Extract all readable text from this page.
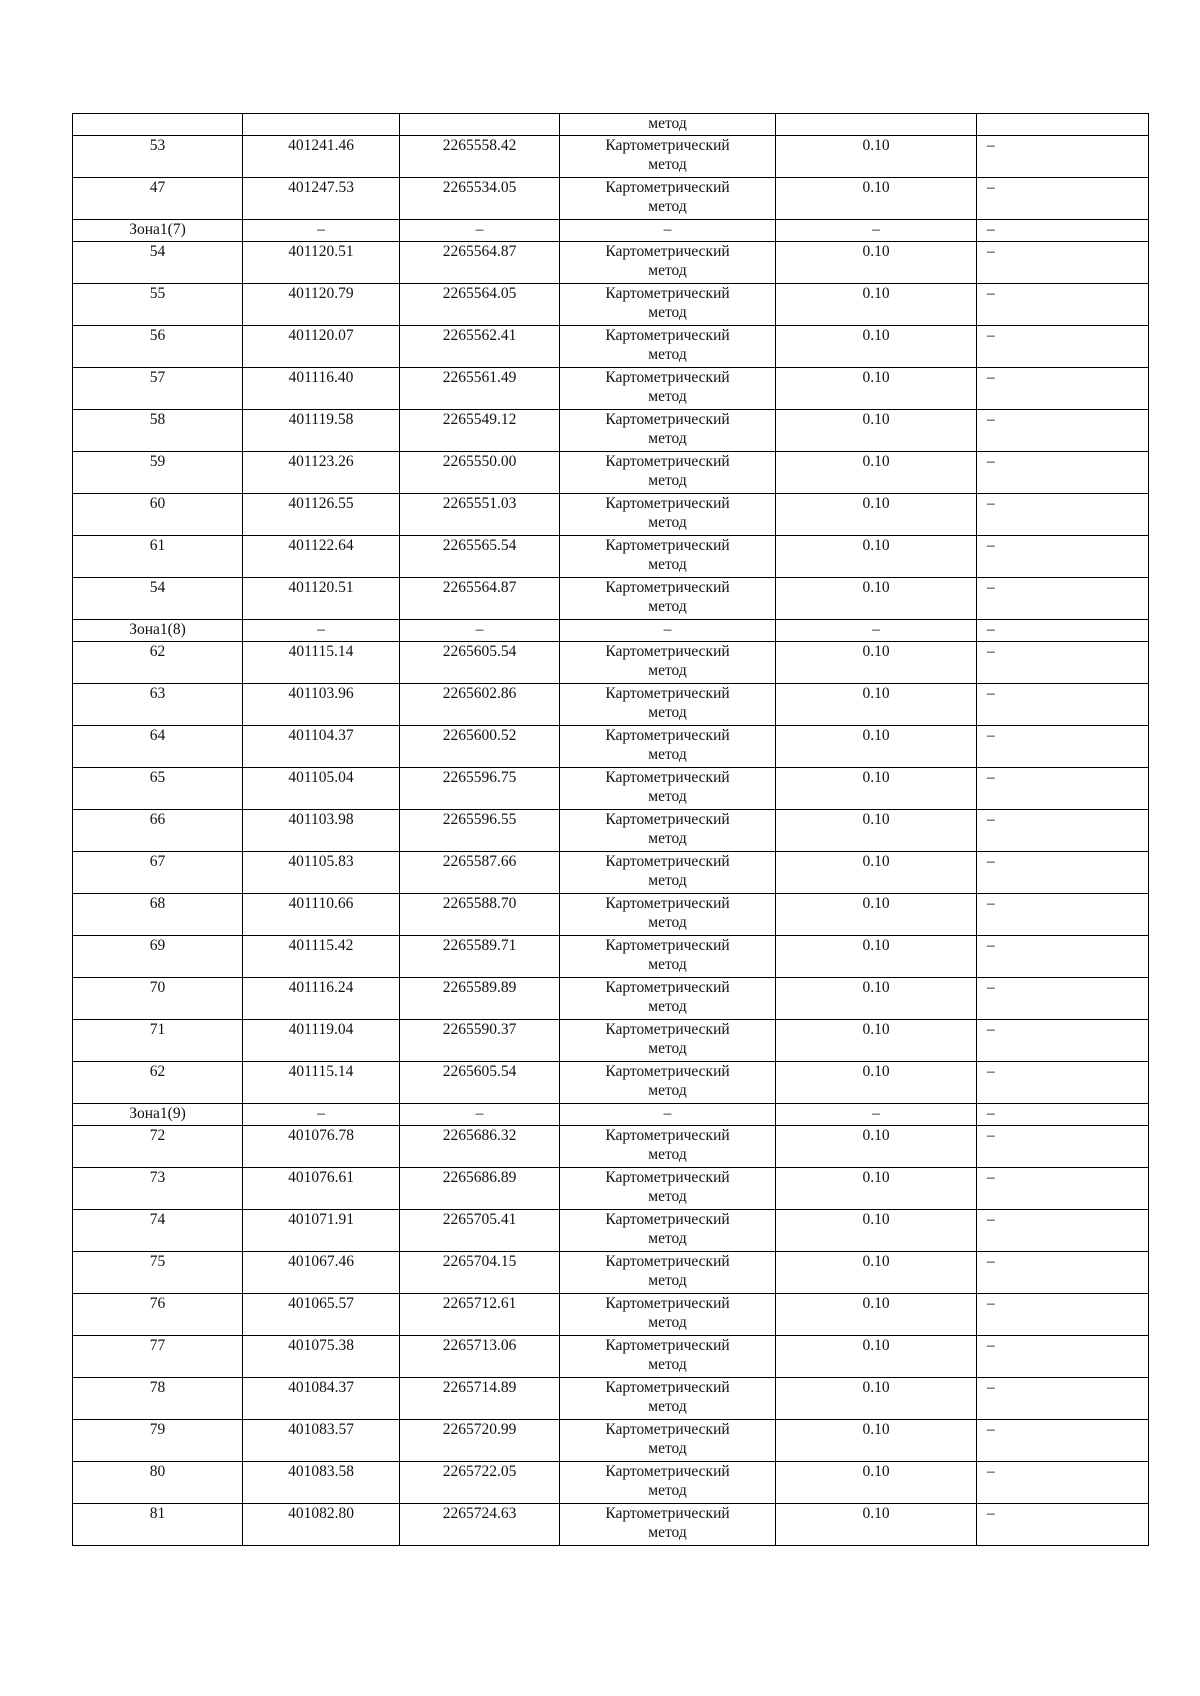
			метод		
53	401241.46	2265558.42	Картометрический
метод	0.10	–
47	401247.53	2265534.05	Картометрический
метод	0.10	–
Зона1(7)	–	–	–	–	–
54	401120.51	2265564.87	Картометрический
метод	0.10	–
55	401120.79	2265564.05	Картометрический
метод	0.10	–
56	401120.07	2265562.41	Картометрический
метод	0.10	–
57	401116.40	2265561.49	Картометрический
метод	0.10	–
58	401119.58	2265549.12	Картометрический
метод	0.10	–
59	401123.26	2265550.00	Картометрический
метод	0.10	–
60	401126.55	2265551.03	Картометрический
метод	0.10	–
61	401122.64	2265565.54	Картометрический
метод	0.10	–
54	401120.51	2265564.87	Картометрический
метод	0.10	–
Зона1(8)	–	–	–	–	–
62	401115.14	2265605.54	Картометрический
метод	0.10	–
63	401103.96	2265602.86	Картометрический
метод	0.10	–
64	401104.37	2265600.52	Картометрический
метод	0.10	–
65	401105.04	2265596.75	Картометрический
метод	0.10	–
66	401103.98	2265596.55	Картометрический
метод	0.10	–
67	401105.83	2265587.66	Картометрический
метод	0.10	–
68	401110.66	2265588.70	Картометрический
метод	0.10	–
69	401115.42	2265589.71	Картометрический
метод	0.10	–
70	401116.24	2265589.89	Картометрический
метод	0.10	–
71	401119.04	2265590.37	Картометрический
метод	0.10	–
62	401115.14	2265605.54	Картометрический
метод	0.10	–
Зона1(9)	–	–	–	–	–
72	401076.78	2265686.32	Картометрический
метод	0.10	–
73	401076.61	2265686.89	Картометрический
метод	0.10	–
74	401071.91	2265705.41	Картометрический
метод	0.10	–
75	401067.46	2265704.15	Картометрический
метод	0.10	–
76	401065.57	2265712.61	Картометрический
метод	0.10	–
77	401075.38	2265713.06	Картометрический
метод	0.10	–
78	401084.37	2265714.89	Картометрический
метод	0.10	–
79	401083.57	2265720.99	Картометрический
метод	0.10	–
80	401083.58	2265722.05	Картометрический
метод	0.10	–
81	401082.80	2265724.63	Картометрический
метод	0.10	–
